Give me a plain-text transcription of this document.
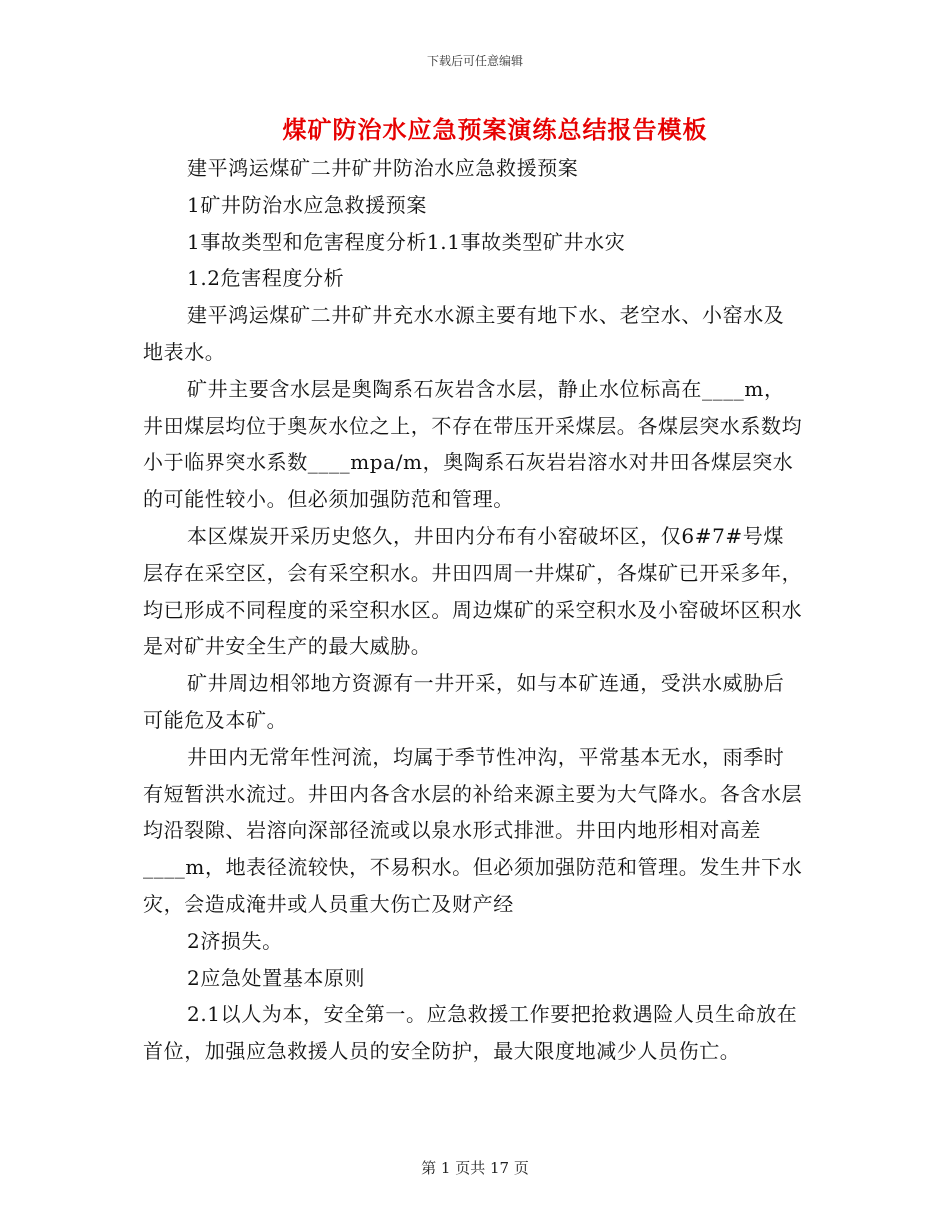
下载后可任意编辑
煤矿防治水应急预案演练总结报告模板

建平鸿运煤矿二井矿井防治水应急救援预案

1矿井防治水应急救援预案

1事故类型和危害程度分析1.1事故类型矿井水灾

1.2危害程度分析

建平鸿运煤矿二井矿井充水水源主要有地下水、老空水、小窑水及地表水。

矿井主要含水层是奥陶系石灰岩含水层，静止水位标高在____m，井田煤层均位于奥灰水位之上，不存在带压开采煤层。各煤层突水系数均小于临界突水系数____mpa/m，奥陶系石灰岩岩溶水对井田各煤层突水的可能性较小。但必须加强防范和管理。

本区煤炭开采历史悠久，井田内分布有小窑破坏区，仅6#7#号煤层存在采空区，会有采空积水。井田四周一井煤矿，各煤矿已开采多年，均已形成不同程度的采空积水区。周边煤矿的采空积水及小窑破坏区积水是对矿井安全生产的最大威胁。

矿井周边相邻地方资源有一井开采，如与本矿连通，受洪水威胁后可能危及本矿。

井田内无常年性河流，均属于季节性冲沟，平常基本无水，雨季时有短暂洪水流过。井田内各含水层的补给来源主要为大气降水。各含水层均沿裂隙、岩溶向深部径流或以泉水形式排泄。井田内地形相对高差____m，地表径流较快，不易积水。但必须加强防范和管理。发生井下水灾，会造成淹井或人员重大伤亡及财产经

2济损失。

2应急处置基本原则

2.1以人为本，安全第一。应急救援工作要把抢救遇险人员生命放在首位，加强应急救援人员的安全防护，最大限度地减少人员伤亡。

第 1 页共 17 页
